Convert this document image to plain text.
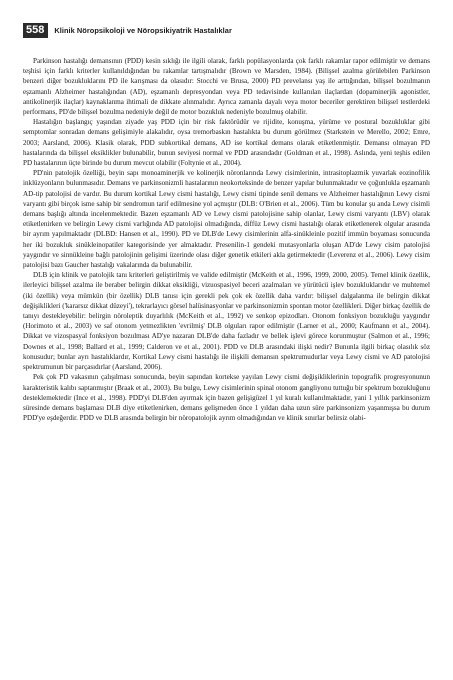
558	Klinik Nöropsikoloji ve Nöropsikiyatrik Hastalıklar

Parkinson hastalığı demansının (PDD) kesin sıklığı ile ilgili olarak, farklı popülasyonlarda çok farklı rakamlar rapor edilmiştir ve demans teşhisi için farklı kriterler kullanıldığından bu rakamlar tartışmalıdır (Brown ve Marsden, 1984). (Bilişsel azalma görülebilen Parkinson benzeri diğer bozukluklarını PD ile karışması da olasıdır: Stocchi ve Brusa, 2000) PD prevelansı yaş ile arttığından, bilişsel bozulmanın eşzamanlı Alzheimer hastalığından (AD), eşzamanlı depresyondan veya PD tedavisinde kullanılan ilaçlardan (dopaminerjik agonistler, antikolinerjik ilaçlar) kaynaklanma ihtimali de dikkate alınmalıdır. Ayrıca zamanla dayalı veya motor beceriler gerektiren bilişsel testlerdeki performans, PD'de bilişsel bozulma nedeniyle değil de motor bozukluk nedeniyle bozulmuş olabilir.

Hastalığın başlangıç yaşından ziyade yaş PDD için bir risk faktörüdür ve rijidite, konuşma, yürüme ve postural bozukluklar gibi semptomlar sonradan demans gelişimiyle alakalıdır, oysa tremorbaskın hastalıkta bu durum görülmez (Starkstein ve Merello, 2002; Emre, 2003; Aarsland, 2006). Klasik olarak, PDD subkortikal demans, AD ise kortikal demans olarak etiketlenmiştir. Demansı olmayan PD hastalarında da bilişsel eksiklikler bulunabilir, bunun seviyesi normal ve PDD arasındadır (Goldman et al., 1998). Aslında, yeni teşhis edilen PD hastalarının üçte birinde bu durum mevcut olabilir (Foltynie et al., 2004).

PD'nin patolojik özelliği, beyin sapı monoaminerjik ve kolinerjik nöronlarında Lewy cisimlerinin, intrasitoplazmik yuvarlak eozinofilik inklüzyonların bulunmasıdır. Demans ve parkinsonizmli hastalarının neokorteksinde de benzer yapılar bulunmaktadır ve çoğunlukla eşzamanlı AD-tip patolojisi de vardır. Bu durum kortikal Lewy cismi hastalığı, Lewy cismi tipinde senil demans ve Alzheimer hastalığının Lewy cismi varyantı gibi birçok isme sahip bir sendromun tarif edilmesine yol açmıştır (DLB: O'Brien et al., 2006). Tüm bu konular şu anda Lewy cisimli demans başlığı altında incelenmektedir. Bazen eşzamanlı AD ve Lewy cismi patolojisine sahip olanlar, Lewy cismi varyantı (LBV) olarak etiketlenirken ve belirgin Lewy cismi varlığında AD patolojisi olmadığında, diffüz Lewy cismi hastalığı olarak etiketlenerek olgular arasında bir ayrım yapılmaktadır (DLBD: Hansen et al., 1990). PD ve DLB'de Lewy cisimlerinin alfa-sinükleinle pozitif immün boyaması sonucunda her iki bozukluk sinükleinopatiler kategorisinde yer almaktadır. Presenilin-1 gendeki mutasyonlarla oluşan AD'de Lewy cisim patolojisi yaygındır ve sinnükleine bağlı patolojinin gelişimi üzerinde olası diğer genetik etkileri akla getirmektedir (Leverenz et al., 2006). Lewy cisim patolojisi bazı Gaucher hastalığı vakalarında da bulunabilir.

DLB için klinik ve patolojik tanı kriterleri geliştirilmiş ve valide edilmiştir (McKeith et al., 1996, 1999, 2000, 2005). Temel klinik özellik, ilerleyici bilişsel azalma ile beraber belirgin dikkat eksikliği, vizuospasiyel beceri azalmaları ve yürütücü işlev bozukluklarıdır ve muhtemel (iki özellik) veya mümkün (bir özellik) DLB tanısı için gerekli pek çok ek özellik daha vardır: bilişsel dalgalanma ile belirgin dikkat değişiklikleri ('kararsız dikkat düzeyi'), tekrarlayıcı görsel halüsinasyonlar ve parkinsonizmin spontan motor özellikleri. Diğer birkaç özellik de tanıyı destekleyebilir: belirgin nöroleptik duyarlılık (McKeith et al., 1992) ve senkop epizodları. Otonom fonksiyon bozukluğu yaygındır (Horimoto et al., 2003) ve saf otonom yetmezlikten 'evrilmiş' DLB olguları rapor edilmiştir (Larner et al., 2000; Kaufmann et al., 2004). Dikkat ve vizospasyal fonksiyon bozulması AD'ye nazaran DLB'de daha fazladır ve bellek işlevi görece korunmuştur (Salmon et al., 1996; Downes et al., 1998; Ballard et al., 1999; Calderon ve et al., 2001). PDD ve DLB arasındaki ilişki nedir? Bununla ilgili birkaç olasılık söz konusudur; bunlar ayrı hastalıklardır, Kortikal Lewy cismi hastalığı ile ilişkili demansın spektrumudurlar veya Lewy cismi ve AD patolojisi spektrumunun bir parçasıdırlar (Aarsland, 2006).

Pek çok PD vakasının çalışılması sonucunda, beyin sapından kortekse yayılan Lewy cismi değişikliklerinin topografik progresyonunun karakteristik kalıbı saptanmıştır (Braak et al., 2003). Bu bulgu, Lewy cisimlerinin spinal otonom gangliyonu tuttuğu bir spektrum bozukluğunu desteklemektedir (Ince et al., 1998). PDD'yi DLB'den ayırmak için bazen gelişigüzel 1 yıl kuralı kullanılmaktadır, yani 1 yıllık parkinsonizm süresinde demans başlaması DLB diye etiketlenirken, demans gelişmeden önce 1 yıldan daha uzun süre parkinsonizm yaşanmışsa bu durum PDD'ye eşdeğerdir. PDD ve DLB arasında belirgin bir nöropatolojik ayrım olmadığından ve klinik sınırlar belirsiz olabi-
